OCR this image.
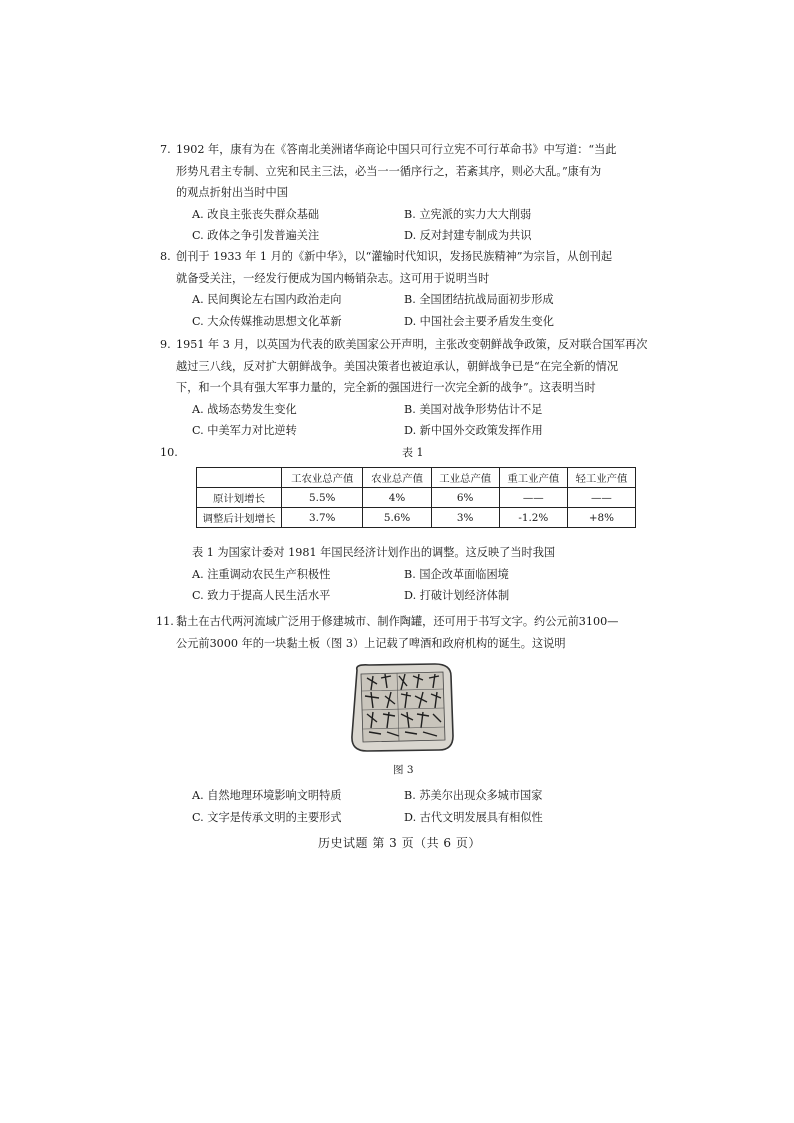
7. 1902 年，康有为在《答南北美洲诸华商论中国只可行立宪不可行革命书》中写道：“当此
形势凡君主专制、立宪和民主三法，必当一一循序行之，若紊其序，则必大乱。”康有为
的观点折射出当时中国
A. 改良主张丧失群众基础	B. 立宪派的实力大大削弱
C. 政体之争引发普遍关注	D. 反对封建专制成为共识
8. 创刊于 1933 年 1 月的《新中华》，以“灌输时代知识，发扬民族精神”为宗旨，从创刊起
就备受关注，一经发行便成为国内畅销杂志。这可用于说明当时
A. 民间舆论左右国内政治走向	B. 全国团结抗战局面初步形成
C. 大众传媒推动思想文化革新	D. 中国社会主要矛盾发生变化
9. 1951 年 3 月，以英国为代表的欧美国家公开声明，主张改变朝鲜战争政策，反对联合国军再次
越过三八线，反对扩大朝鲜战争。美国决策者也被迫承认，朝鲜战争已是“在完全新的情况
下，和一个具有强大军事力量的，完全新的强国进行一次完全新的战争”。这表明当时
A. 战场态势发生变化	B. 美国对战争形势估计不足
C. 中美军力对比逆转	D. 新中国外交政策发挥作用
10.	表 1
	工农业总产值	农业总产值	工业总产值	重工业产值	轻工业产值
原计划增长	5.5%	4%	6%	——	——
调整后计划增长	3.7%	5.6%	3%	-1.2%	+8%
表 1 为国家计委对 1981 年国民经济计划作出的调整。这反映了当时我国
A. 注重调动农民生产积极性	B. 国企改革面临困境
C. 致力于提高人民生活水平	D. 打破计划经济体制
11. 黏土在古代两河流域广泛用于修建城市、制作陶罐，还可用于书写文字。约公元前3100—
公元前3000 年的一块黏土板（图 3）上记载了啤酒和政府机构的诞生。这说明
图 3
A. 自然地理环境影响文明特质	B. 苏美尔出现众多城市国家
C. 文字是传承文明的主要形式	D. 古代文明发展具有相似性
历史试题 第 3 页（共 6 页）
